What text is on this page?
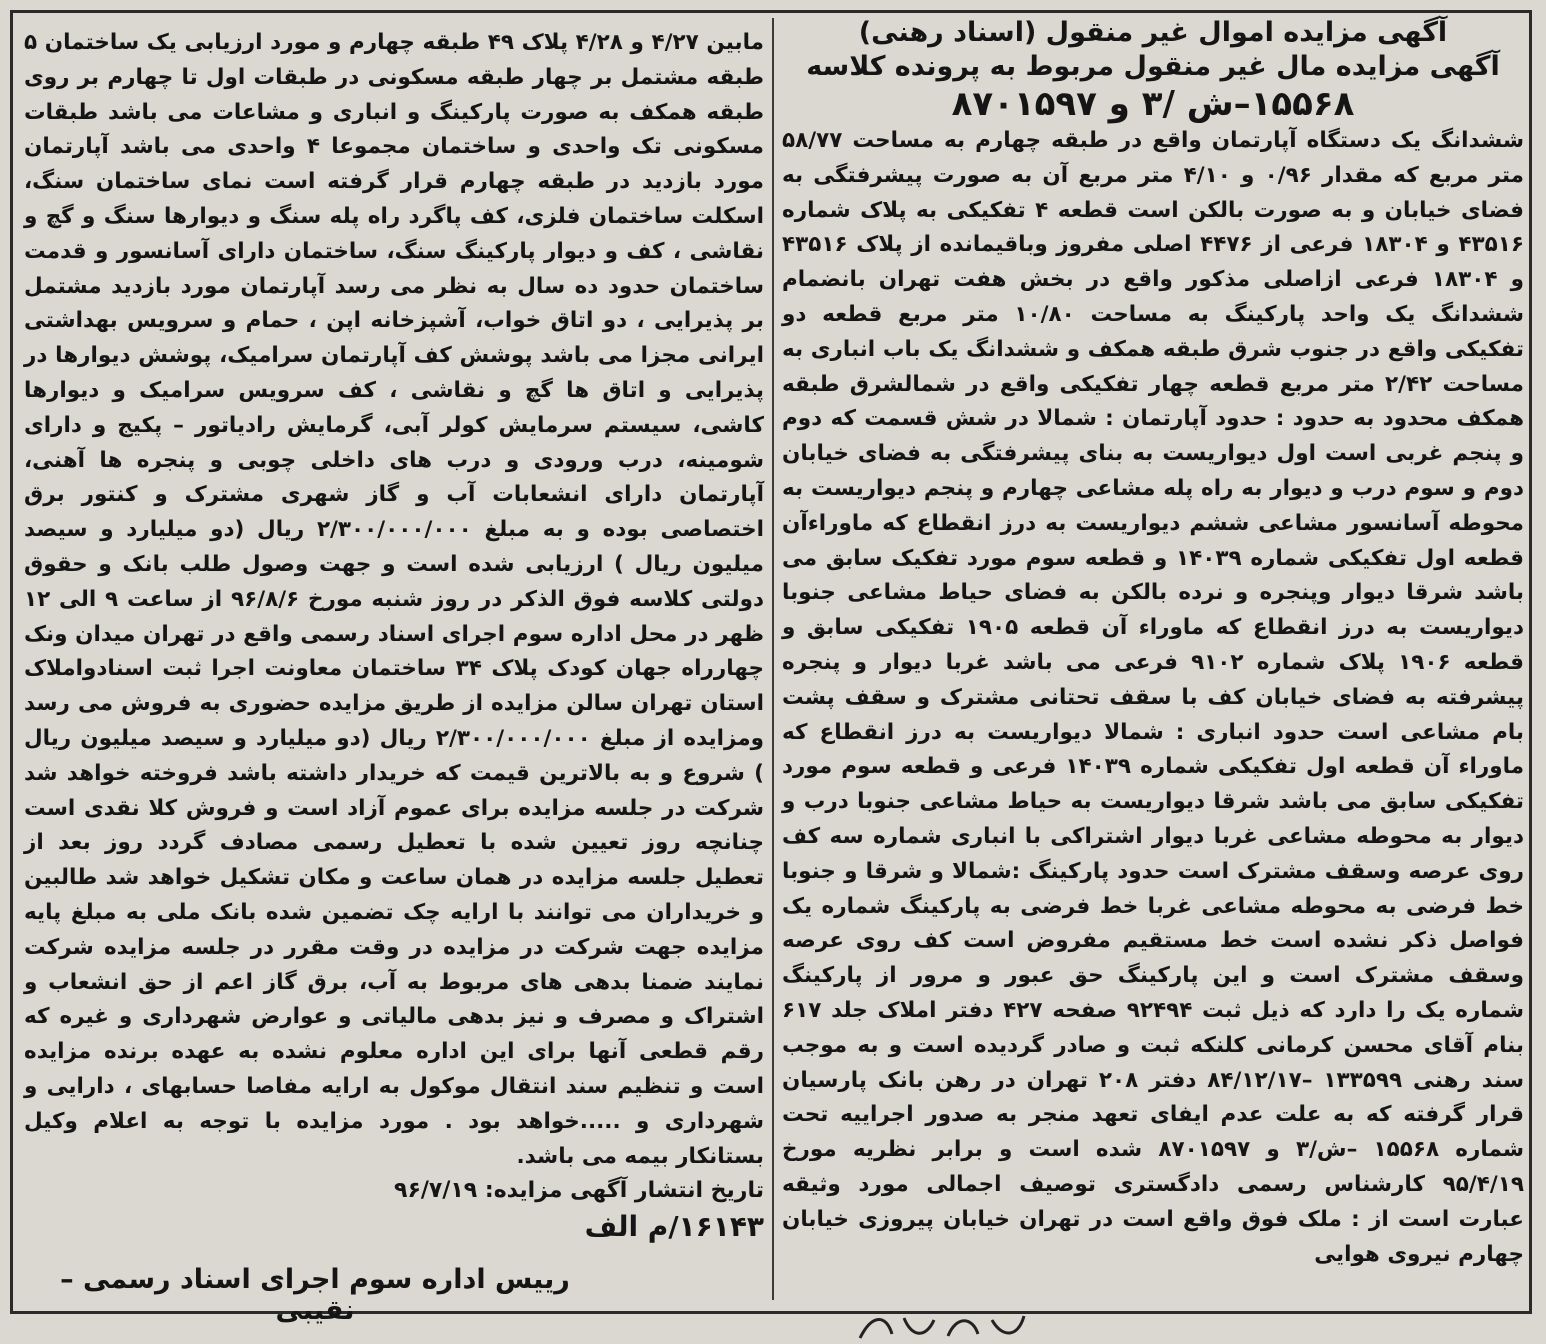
آگهی مزایده اموال غیر منقول (اسناد رهنی)

آگهی مزایده مال غیر منقول مربوط به پرونده کلاسه

۱۵۵۶۸–ش /۳ و ۸۷۰۱۵۹۷

ششدانگ یک دستگاه آپارتمان واقع در طبقه چهارم به مساحت ۵۸/۷۷ متر مربع که مقدار ۰/۹۶ و ۴/۱۰ متر مربع آن به صورت پیشرفتگی به فضای خیابان و به صورت بالکن است قطعه ۴ تفکیکی به پلاک شماره ۴۳۵۱۶ و ۱۸۳۰۴ فرعی از ۴۴۷۶ اصلی مفروز وباقیمانده از پلاک ۴۳۵۱۶ و ۱۸۳۰۴ فرعی ازاصلی مذکور واقع در بخش هفت تهران بانضمام ششدانگ یک واحد پارکینگ به مساحت ۱۰/۸۰ متر مربع قطعه دو تفکیکی واقع در جنوب شرق طبقه همکف و ششدانگ یک باب انباری به مساحت ۲/۴۲ متر مربع قطعه چهار تفکیکی واقع در شمالشرق طبقه همکف محدود به حدود : حدود آپارتمان : شمالا در شش قسمت که دوم و پنجم غربی است اول دیواریست به بنای پیشرفتگی به فضای خیابان دوم و سوم درب و دیوار به راه پله مشاعی چهارم و پنجم دیواریست به محوطه آسانسور مشاعی ششم دیواریست به درز انقطاع که ماوراءآن قطعه اول تفکیکی شماره ۱۴۰۳۹ و قطعه سوم مورد تفکیک سابق می باشد شرقا دیوار وپنجره و نرده بالکن به فضای حیاط مشاعی جنوبا دیواریست به درز انقطاع که ماوراء آن قطعه ۱۹۰۵ تفکیکی سابق و قطعه ۱۹۰۶ پلاک شماره ۹۱۰۲ فرعی می باشد غربا دیوار و پنجره پیشرفته به فضای خیابان کف با سقف تحتانی مشترک و سقف پشت بام مشاعی است حدود انباری : شمالا دیواریست به درز انقطاع که ماوراء آن قطعه اول تفکیکی شماره ۱۴۰۳۹ فرعی و قطعه سوم مورد تفکیکی سابق می باشد شرقا دیواریست به حیاط مشاعی جنوبا درب و دیوار به محوطه مشاعی غربا دیوار اشتراکی با انباری شماره سه کف روی عرصه وسقف مشترک است حدود پارکینگ :شمالا و شرقا و جنوبا خط فرضی به محوطه مشاعی غربا خط فرضی به پارکینگ شماره یک فواصل ذکر نشده است خط مستقیم مفروض است کف روی عرصه وسقف مشترک است و این پارکینگ حق عبور و مرور از پارکینگ شماره یک را دارد که ذیل ثبت ۹۲۴۹۴ صفحه ۴۲۷ دفتر املاک جلد ۶۱۷ بنام آقای محسن کرمانی کلنکه ثبت و صادر گردیده است و به موجب سند رهنی ۱۳۳۵۹۹ –۸۴/۱۲/۱۷ دفتر ۲۰۸ تهران در رهن بانک پارسیان قرار گرفته که به علت عدم ایفای تعهد منجر به صدور اجراییه تحت شماره ۱۵۵۶۸ –ش/۳ و ۸۷۰۱۵۹۷ شده است و برابر نظریه مورخ ۹۵/۴/۱۹ کارشناس رسمی دادگستری توصیف اجمالی مورد وثیقه عبارت است از : ملک فوق واقع است در تهران خیابان پیروزی خیابان چهارم نیروی هوایی

مابین ۴/۲۷ و ۴/۲۸ پلاک ۴۹ طبقه چهارم و مورد ارزیابی یک ساختمان ۵ طبقه مشتمل بر چهار طبقه مسکونی در طبقات اول تا چهارم بر روی طبقه همکف به صورت پارکینگ و انباری و مشاعات می باشد طبقات مسکونی تک واحدی و ساختمان مجموعا ۴ واحدی می باشد آپارتمان مورد بازدید در طبقه چهارم قرار گرفته است نمای ساختمان سنگ، اسکلت ساختمان فلزی، کف پاگرد راه پله سنگ و دیوارها سنگ و گچ و نقاشی ، کف و دیوار پارکینگ سنگ، ساختمان دارای آسانسور و قدمت ساختمان حدود ده سال به نظر می رسد آپارتمان مورد بازدید مشتمل بر پذیرایی ، دو اتاق خواب، آشپزخانه اپن ، حمام و سرویس بهداشتی ایرانی مجزا می باشد پوشش کف آپارتمان سرامیک، پوشش دیوارها در پذیرایی و اتاق ها گچ و نقاشی ، کف سرویس سرامیک و دیوارها کاشی، سیستم سرمایش کولر آبی، گرمایش رادیاتور – پکیج و دارای شومینه، درب ورودی و درب های داخلی چوبی و پنجره ها آهنی، آپارتمان دارای انشعابات آب و گاز شهری مشترک و کنتور برق اختصاصی بوده و به مبلغ ۲/۳۰۰/۰۰۰/۰۰۰ ریال (دو میلیارد و سیصد میلیون ریال ) ارزیابی شده است و جهت وصول طلب بانک و حقوق دولتی کلاسه فوق الذکر در روز شنبه مورخ ۹۶/۸/۶ از ساعت ۹ الی ۱۲ ظهر در محل اداره سوم اجرای اسناد رسمی واقع در تهران میدان ونک چهارراه جهان کودک پلاک ۳۴ ساختمان معاونت اجرا ثبت اسنادواملاک استان تهران سالن مزایده از طریق مزایده حضوری به فروش می رسد ومزایده از مبلغ ۲/۳۰۰/۰۰۰/۰۰۰ ریال (دو میلیارد و سیصد میلیون ریال ) شروع و به بالاترین قیمت که خریدار داشته باشد فروخته خواهد شد شرکت در جلسه مزایده برای عموم آزاد است و فروش کلا نقدی است چنانچه روز تعیین شده با تعطیل رسمی مصادف گردد روز بعد از تعطیل جلسه مزایده در همان ساعت و مکان تشکیل خواهد شد طالبین و خریداران می توانند با ارایه چک تضمین شده بانک ملی به مبلغ پایه مزایده جهت شرکت در مزایده در وقت مقرر در جلسه مزایده شرکت نمایند ضمنا بدهی های مربوط به آب، برق گاز اعم از حق انشعاب و اشتراک و مصرف و نیز بدهی مالیاتی و عوارض شهرداری و غیره که رقم قطعی آنها برای این اداره معلوم نشده به عهده برنده مزایده است و تنظیم سند انتقال موکول به ارایه مفاصا حسابهای ، دارایی و شهرداری و .....خواهد بود . مورد مزایده با توجه به اعلام وکیل بستانکار بیمه می باشد.

تاریخ انتشار آگهی مزایده: ۹۶/۷/۱۹

۱۶۱۴۳/م الف

رییس اداره سوم اجرای اسناد رسمی – نقیبی
